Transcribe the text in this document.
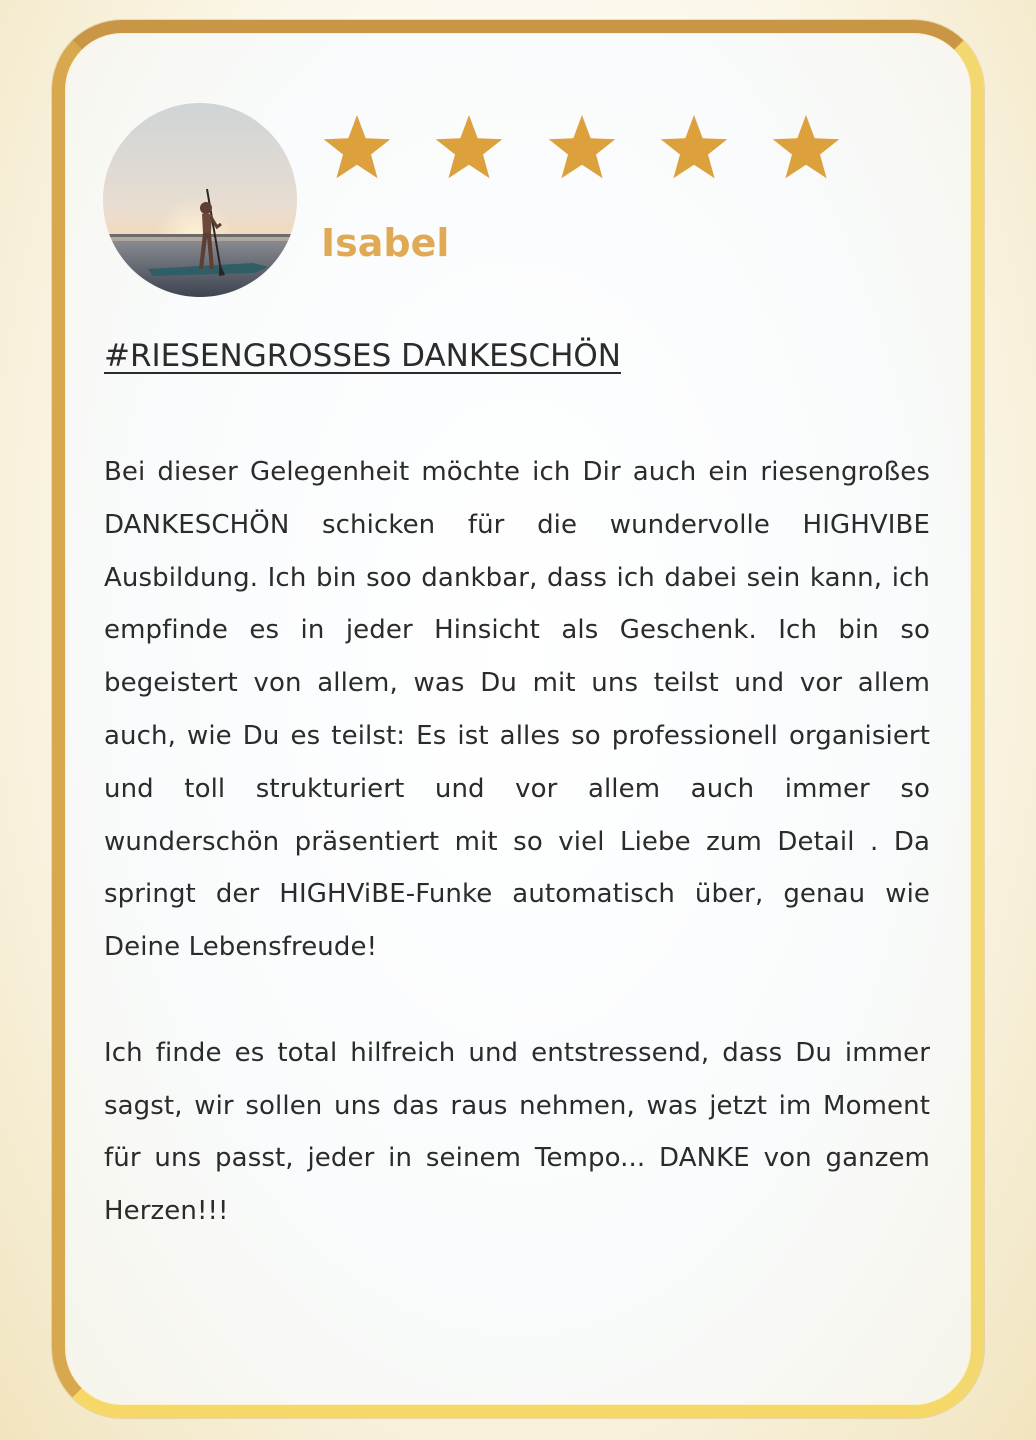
Isabel
#RIESENGROSSES DANKESCHÖN

Bei dieser Gelegenheit möchte ich Dir auch ein riesengroßes DANKESCHÖN schicken für die wundervolle HIGHVIBE Ausbildung. Ich bin soo dankbar, dass ich dabei sein kann, ich empfinde es in jeder Hinsicht als Geschenk. Ich bin so begeistert von allem, was Du mit uns teilst und vor allem auch, wie Du es teilst: Es ist alles so professionell organisiert und toll strukturiert und vor allem auch immer so wunderschön präsentiert mit so viel Liebe zum Detail . Da springt der HIGHViBE-Funke automatisch über, genau wie Deine Lebensfreude!

Ich finde es total hilfreich und entstressend, dass Du immer sagst, wir sollen uns das raus nehmen, was jetzt im Moment für uns passt, jeder in seinem Tempo... DANKE von ganzem Herzen!!!
